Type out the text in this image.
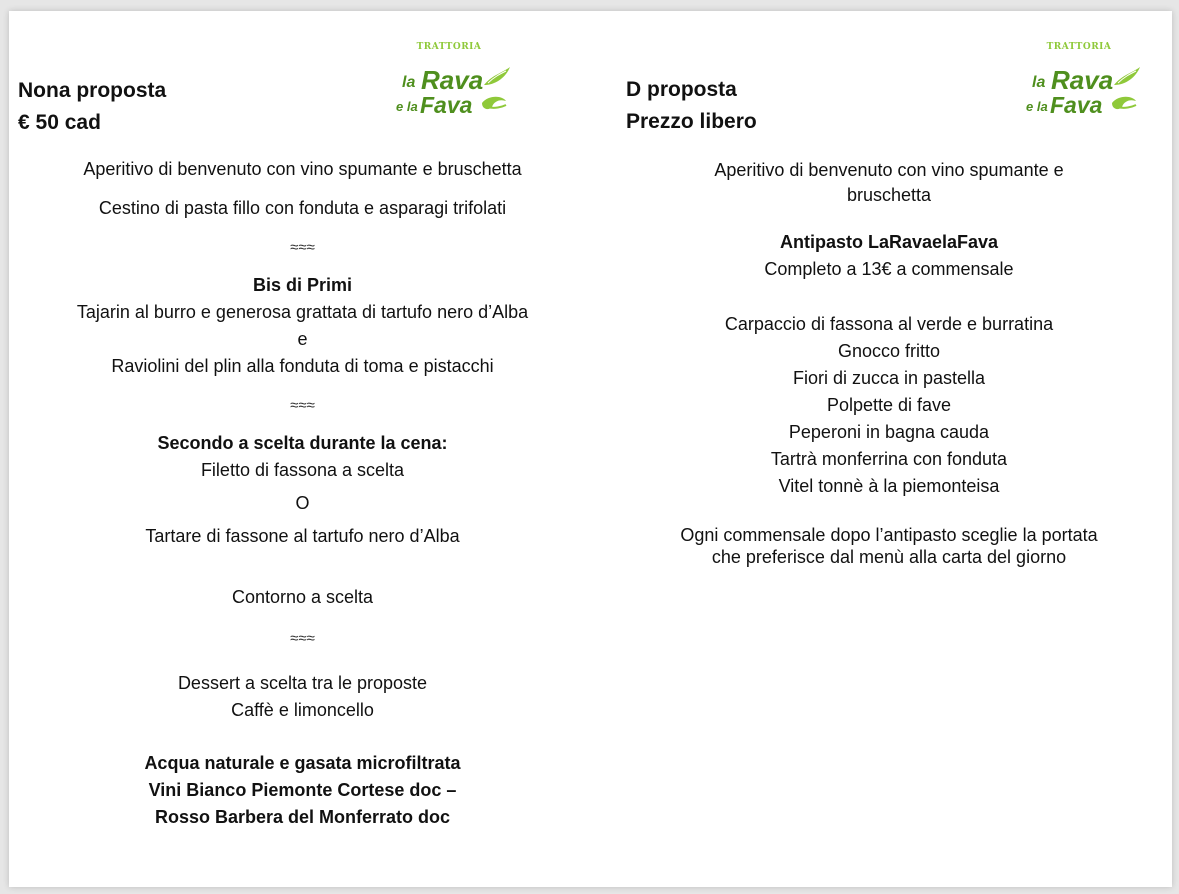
Nona proposta
€ 50 cad
TRATTORIA
la Rava
e la Fava
Aperitivo di benvenuto con vino spumante e bruschetta
Cestino di pasta fillo con fonduta e asparagi trifolati
≈≈≈
Bis di Primi
Tajarin al burro e generosa grattata di tartufo nero d’Alba
e
Raviolini del plin alla fonduta di toma e pistacchi
≈≈≈
Secondo a scelta durante la cena:
Filetto di fassona a scelta
O
Tartare di fassone al tartufo nero d’Alba
Contorno a scelta
≈≈≈
Dessert a scelta tra le proposte
Caffè e limoncello
Acqua naturale e gasata microfiltrata
Vini Bianco Piemonte Cortese doc –
Rosso Barbera del Monferrato doc
D proposta
Prezzo libero
TRATTORIA
la Rava
e la Fava
Aperitivo di benvenuto con vino spumante e
bruschetta
Antipasto LaRavaelaFava
Completo a 13€ a commensale
Carpaccio di fassona al verde e burratina
Gnocco fritto
Fiori di zucca in pastella
Polpette di fave
Peperoni in bagna cauda
Tartrà monferrina con fonduta
Vitel tonnè à la piemonteisa
Ogni commensale dopo l’antipasto sceglie la portata
che preferisce dal menù alla carta del giorno
